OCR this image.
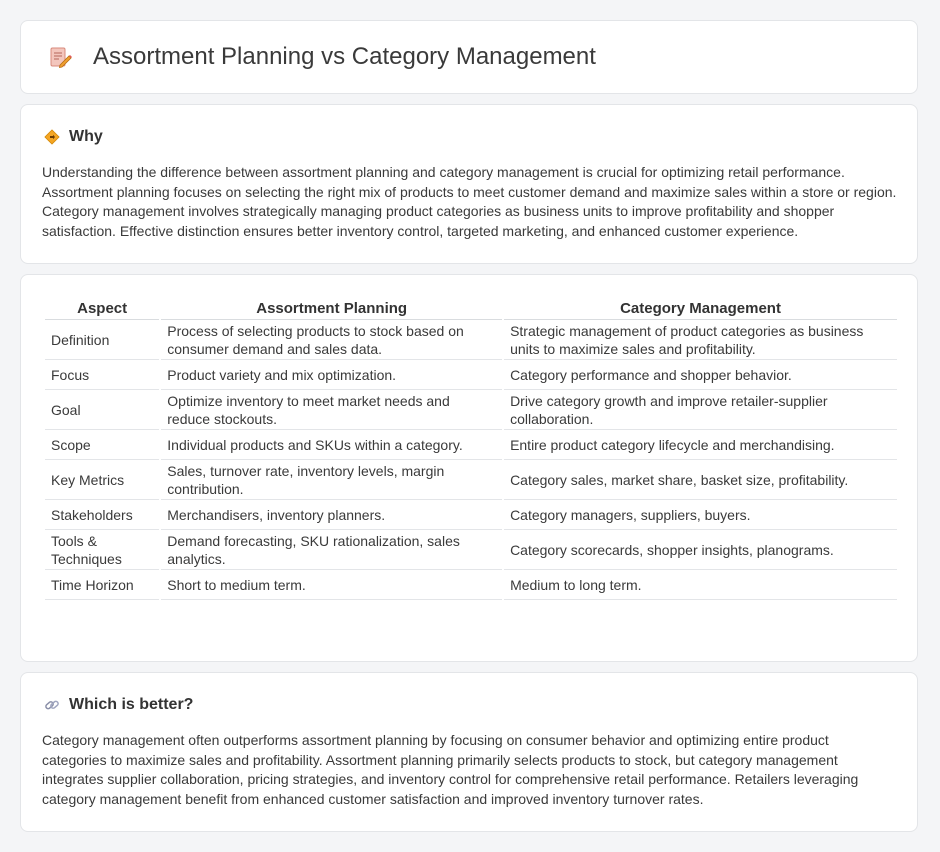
Assortment Planning vs Category Management
Why
Understanding the difference between assortment planning and category management is crucial for optimizing retail performance. Assortment planning focuses on selecting the right mix of products to meet customer demand and maximize sales within a store or region. Category management involves strategically managing product categories as business units to improve profitability and shopper satisfaction. Effective distinction ensures better inventory control, targeted marketing, and enhanced customer experience.
Aspect	Assortment Planning	Category Management
Definition	Process of selecting products to stock based on consumer demand and sales data.	Strategic management of product categories as business units to maximize sales and profitability.
Focus	Product variety and mix optimization.	Category performance and shopper behavior.
Goal	Optimize inventory to meet market needs and reduce stockouts.	Drive category growth and improve retailer-supplier collaboration.
Scope	Individual products and SKUs within a category.	Entire product category lifecycle and merchandising.
Key Metrics	Sales, turnover rate, inventory levels, margin contribution.	Category sales, market share, basket size, profitability.
Stakeholders	Merchandisers, inventory planners.	Category managers, suppliers, buyers.
Tools & Techniques	Demand forecasting, SKU rationalization, sales analytics.	Category scorecards, shopper insights, planograms.
Time Horizon	Short to medium term.	Medium to long term.
Which is better?
Category management often outperforms assortment planning by focusing on consumer behavior and optimizing entire product categories to maximize sales and profitability. Assortment planning primarily selects products to stock, but category management integrates supplier collaboration, pricing strategies, and inventory control for comprehensive retail performance. Retailers leveraging category management benefit from enhanced customer satisfaction and improved inventory turnover rates.
